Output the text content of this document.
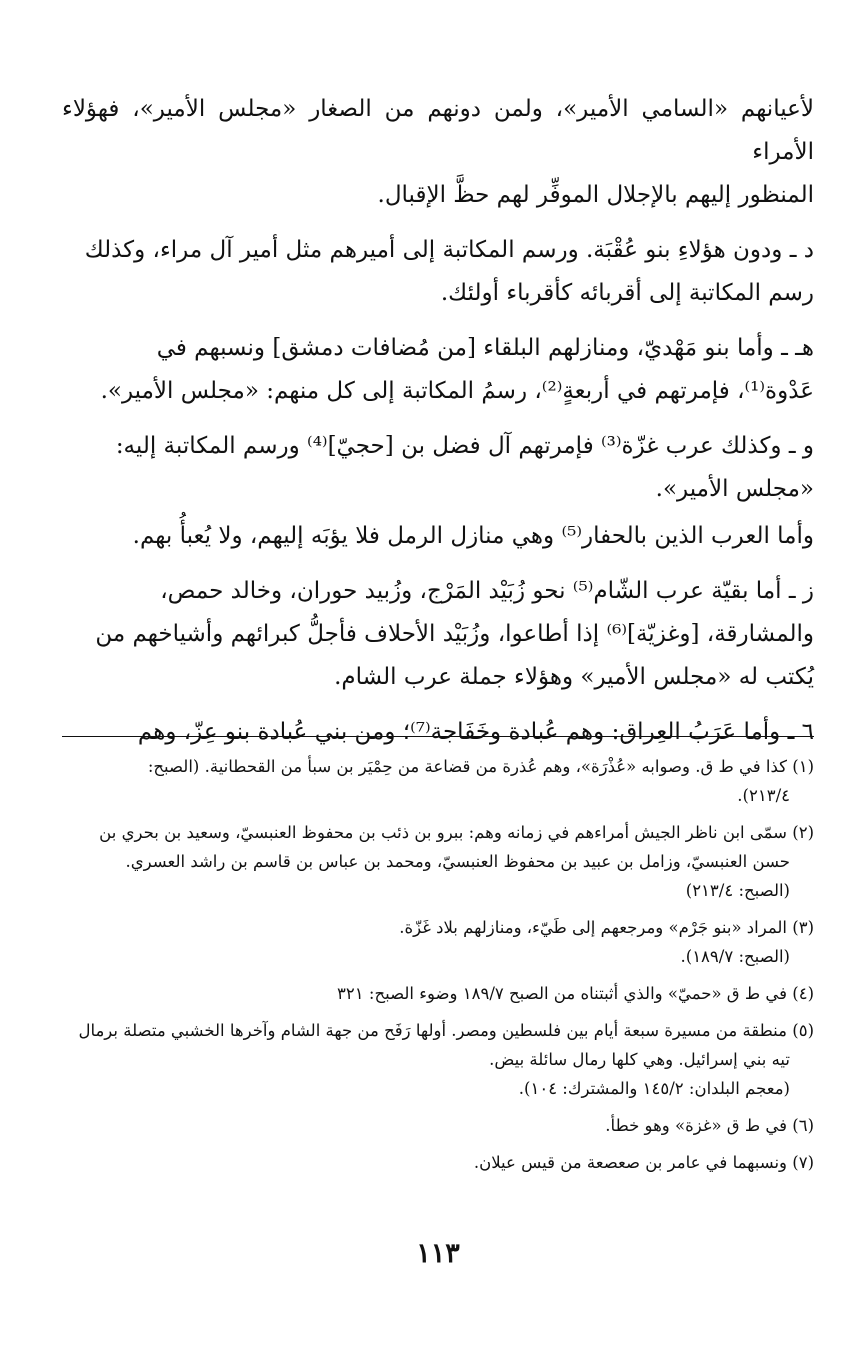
لأعيانهم «السامي الأمير»، ولمن دونهم من الصغار «مجلس الأمير»، فهؤلاء الأمراء
المنظور إليهم بالإجلال الموفِّر لهم حظَّ الإقبال.

د ـ ودون هؤلاءِ بنو عُقْبَة. ورسم المكاتبة إلى أميرهم مثل أمير آل مراء، وكذلك
رسم المكاتبة إلى أقربائه كأقرباء أولئك.

هـ ـ وأما بنو مَهْديّ، ومنازلهم البلقاء [من مُضافات دمشق] ونسبهم في
عَدْوة⁽¹⁾، فإمرتهم في أربعةٍ⁽²⁾، رسمُ المكاتبة إلى كل منهم: «مجلس الأمير».

و ـ وكذلك عرب غزّة⁽³⁾ فإمرتهم آل فضل بن [حجيّ]⁽⁴⁾ ورسم المكاتبة إليه:
«مجلس الأمير».

وأما العرب الذين بالحفار⁽⁵⁾ وهي منازل الرمل فلا يؤبَه إليهم، ولا يُعبأُ بهم.

ز ـ أما بقيّة عرب الشّام⁽⁵⁾ نحو زُبَيْد المَرْج، وزُبيد حوران، وخالد حمص،
والمشارقة، [وغزيّة]⁽⁶⁾ إذا أطاعوا، وزُبَيْد الأحلاف فأجلُّ كبرائهم وأشياخهم من
يُكتب له «مجلس الأمير» وهؤلاء جملة عرب الشام.

٦ ـ وأما عَرَبُ العِراق: وهم عُبادة وخَفَاجة⁽⁷⁾؛ ومن بني عُبادة بنو عِزّ، وهم

(١) كذا في ط ق. وصوابه «عُذْرَة»، وهم عُذرة من قضاعة من حِمْيَر بن سبأ من القحطانية. (الصبح:
٢١٣/٤).

(٢) سمّى ابن ناظر الجيش أمراءهم في زمانه وهم: ببرو بن ذئب بن محفوظ العنبسيّ، وسعيد بن بحري بن
حسن العنبسيّ، وزامل بن عبيد بن محفوظ العنبسيّ، ومحمد بن عباس بن قاسم بن راشد العسري.
(الصبح: ٢١٣/٤)

(٣) المراد «بنو جَرْم» ومرجعهم إلى طَيّء، ومنازلهم بلاد غَزّة.
(الصبح: ١٨٩/٧).

(٤) في ط ق «حميّ» والذي أثبتناه من الصبح ١٨٩/٧ وضوء الصبح: ٣٢١

(٥) منطقة من مسيرة سبعة أيام بين فلسطين ومصر. أولها رَفَح من جهة الشام وآخرها الخشبي متصلة برمال
تيه بني إسرائيل. وهي كلها رمال سائلة بيض.
(معجم البلدان: ١٤٥/٢ والمشترك: ١٠٤).

(٦) في ط ق «غزة» وهو خطأ.

(٧) ونسبهما في عامر بن صعصعة من قيس عيلان.

١١٣
